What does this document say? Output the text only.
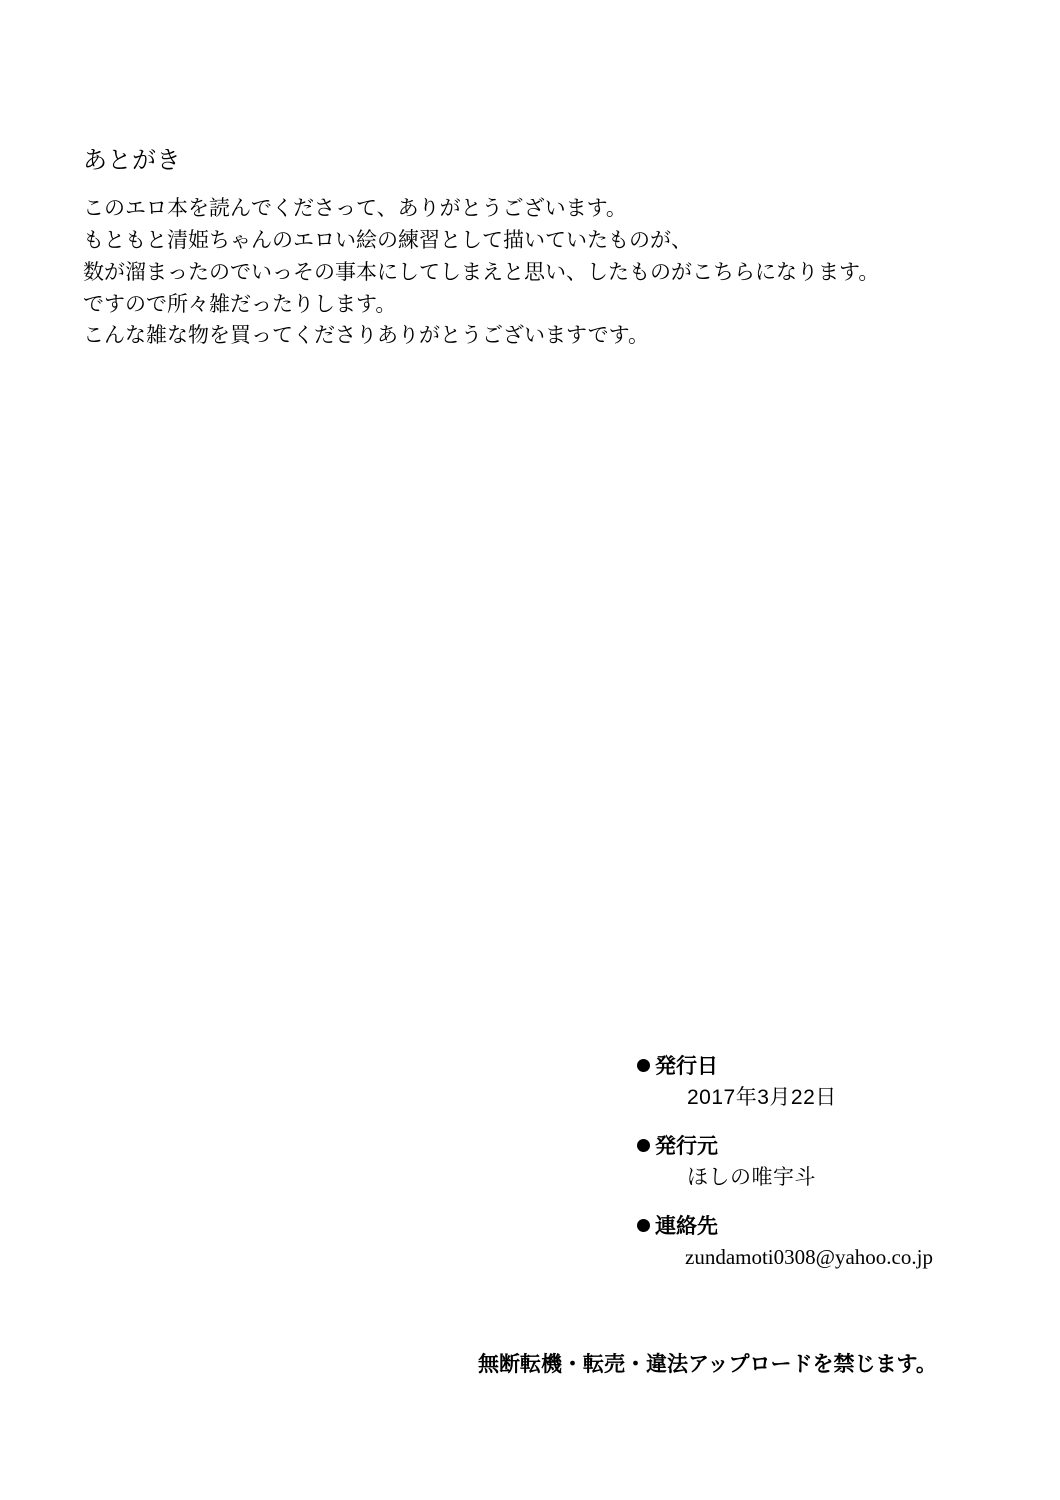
あとがき

このエロ本を読んでくださって、ありがとうございます。

もともと清姫ちゃんのエロい絵の練習として描いていたものが、

数が溜まったのでいっその事本にしてしまえと思い、したものがこちらになります。

ですので所々雑だったりします。

こんな雑な物を買ってくださりありがとうございますです。
発行日
2017年3月22日
発行元
ほしの唯宇斗
連絡先
zundamoti0308@yahoo.co.jp
無断転機・転売・違法アップロードを禁じます。
